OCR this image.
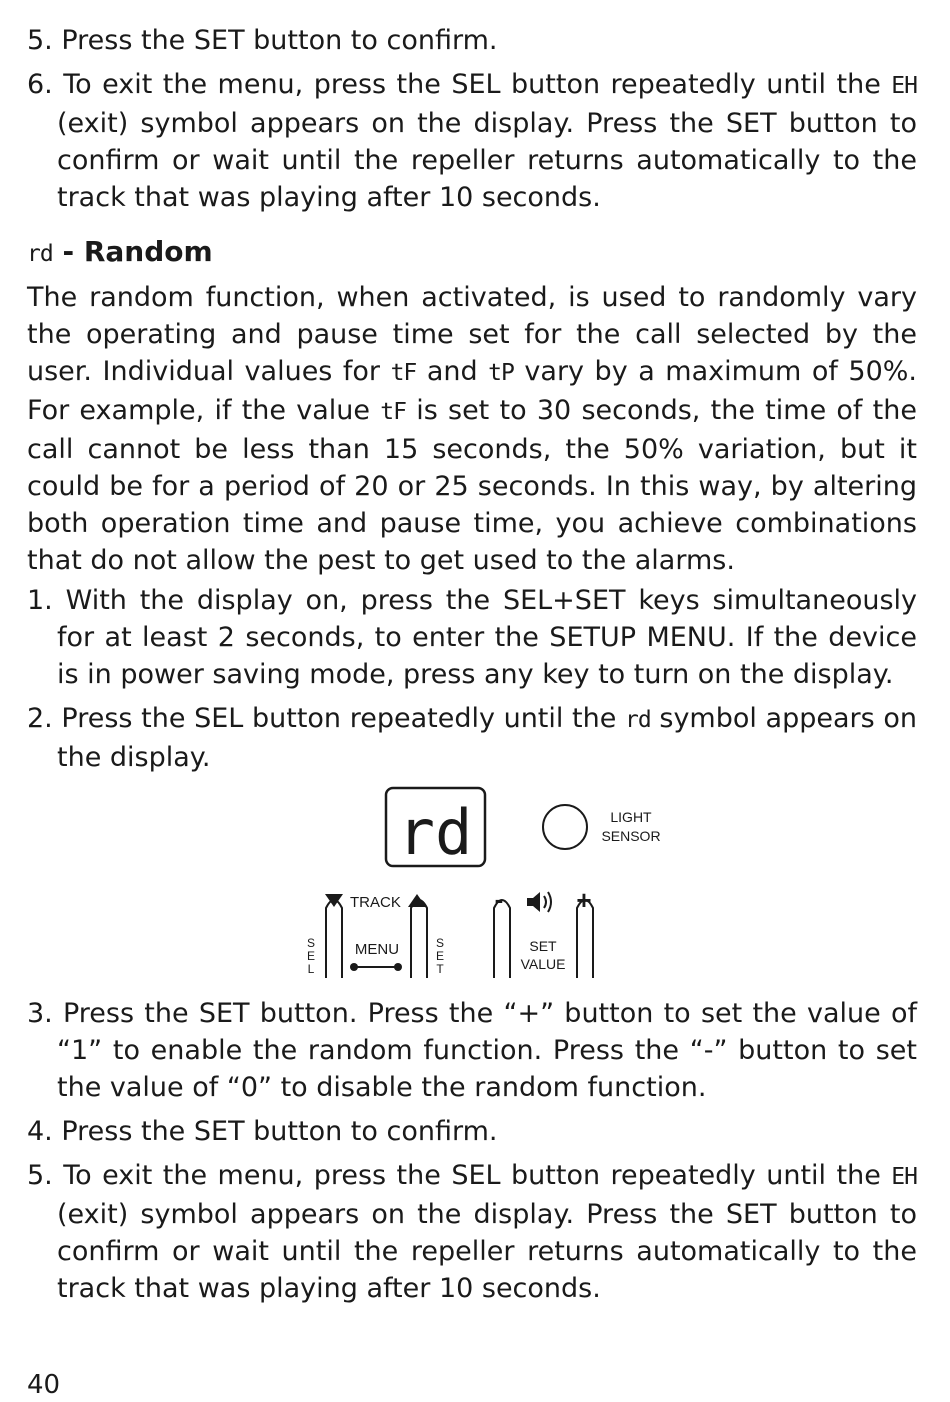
5. Press the SET button to confirm.
6. To exit the menu, press the SEL button repeatedly until the EH (exit) symbol appears on the display. Press the SET button to confirm or wait until the repeller returns automatically to the track that was playing after 10 seconds.
rd - Random
The random function, when activated, is used to randomly vary the operating and pause time set for the call selected by the user. Individual values for tF and tP vary by a maximum of 50%. For example, if the value tF is set to 30 seconds, the time of the call cannot be less than 15 seconds, the 50% variation, but it could be for a period of 20 or 25 seconds. In this way, by altering both operation time and pause time, you achieve combinations that do not allow the pest to get used to the alarms.
1. With the display on, press the SEL+SET keys simultaneously for at least 2 seconds, to enter the SETUP MENU. If the device is in power saving mode, press any key to turn on the display.
2. Press the SEL button repeatedly until the rd symbol appears on the display.
rd	LIGHT
SENSOR
TRACK	-	+
S
E
L
MENU	S
E
T
SET
VALUE
3. Press the SET button. Press the “+” button to set the value of “1” to enable the random function. Press the “-” button to set the value of “0” to disable the random function.
4. Press the SET button to confirm.
5. To exit the menu, press the SEL button repeatedly until the EH (exit) symbol appears on the display. Press the SET button to confirm or wait until the repeller returns automatically to the track that was playing after 10 seconds.
40
